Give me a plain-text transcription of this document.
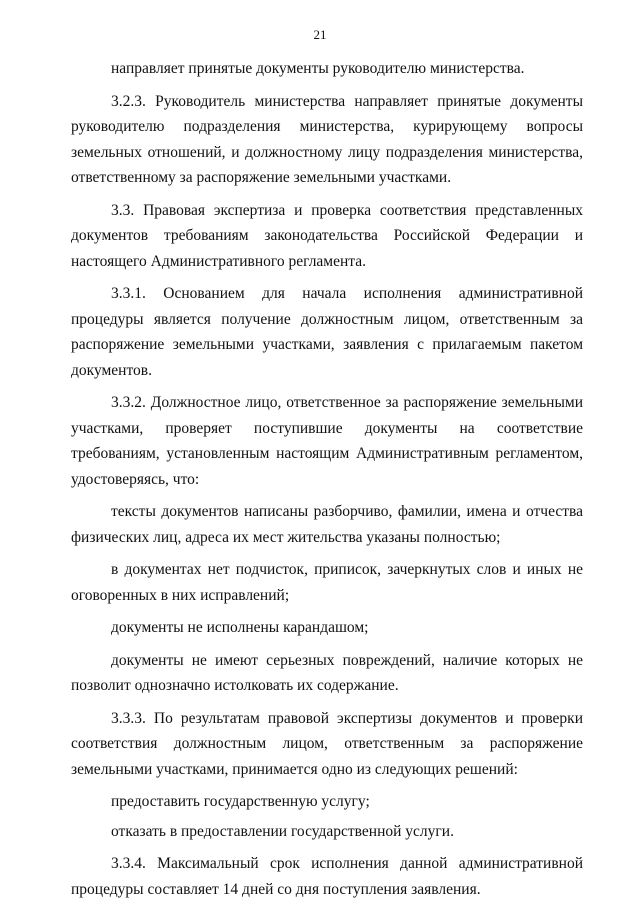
21

направляет принятые документы руководителю министерства.

3.2.3. Руководитель министерства направляет принятые документы руководителю подразделения министерства, курирующему вопросы земельных отношений, и должностному лицу подразделения министерства, ответственному за распоряжение земельными участками.

3.3. Правовая экспертиза и проверка соответствия представленных документов требованиям законодательства Российской Федерации и настоящего Административного регламента.

3.3.1. Основанием для начала исполнения административной процедуры является получение должностным лицом, ответственным за распоряжение земельными участками, заявления с прилагаемым пакетом документов.

3.3.2. Должностное лицо, ответственное за распоряжение земельными участками, проверяет поступившие документы на соответствие требованиям, установленным настоящим Административным регламентом, удостоверяясь, что:

тексты документов написаны разборчиво, фамилии, имена и отчества физических лиц, адреса их мест жительства указаны полностью;

в документах нет подчисток, приписок, зачеркнутых слов и иных не оговоренных в них исправлений;

документы не исполнены карандашом;

документы не имеют серьезных повреждений, наличие которых не позволит однозначно истолковать их содержание.

3.3.3. По результатам правовой экспертизы документов и проверки соответствия должностным лицом, ответственным за распоряжение земельными участками, принимается одно из следующих решений:

предоставить государственную услугу;

отказать в предоставлении государственной услуги.

3.3.4. Максимальный срок исполнения данной административной процедуры составляет 14 дней со дня поступления заявления.
